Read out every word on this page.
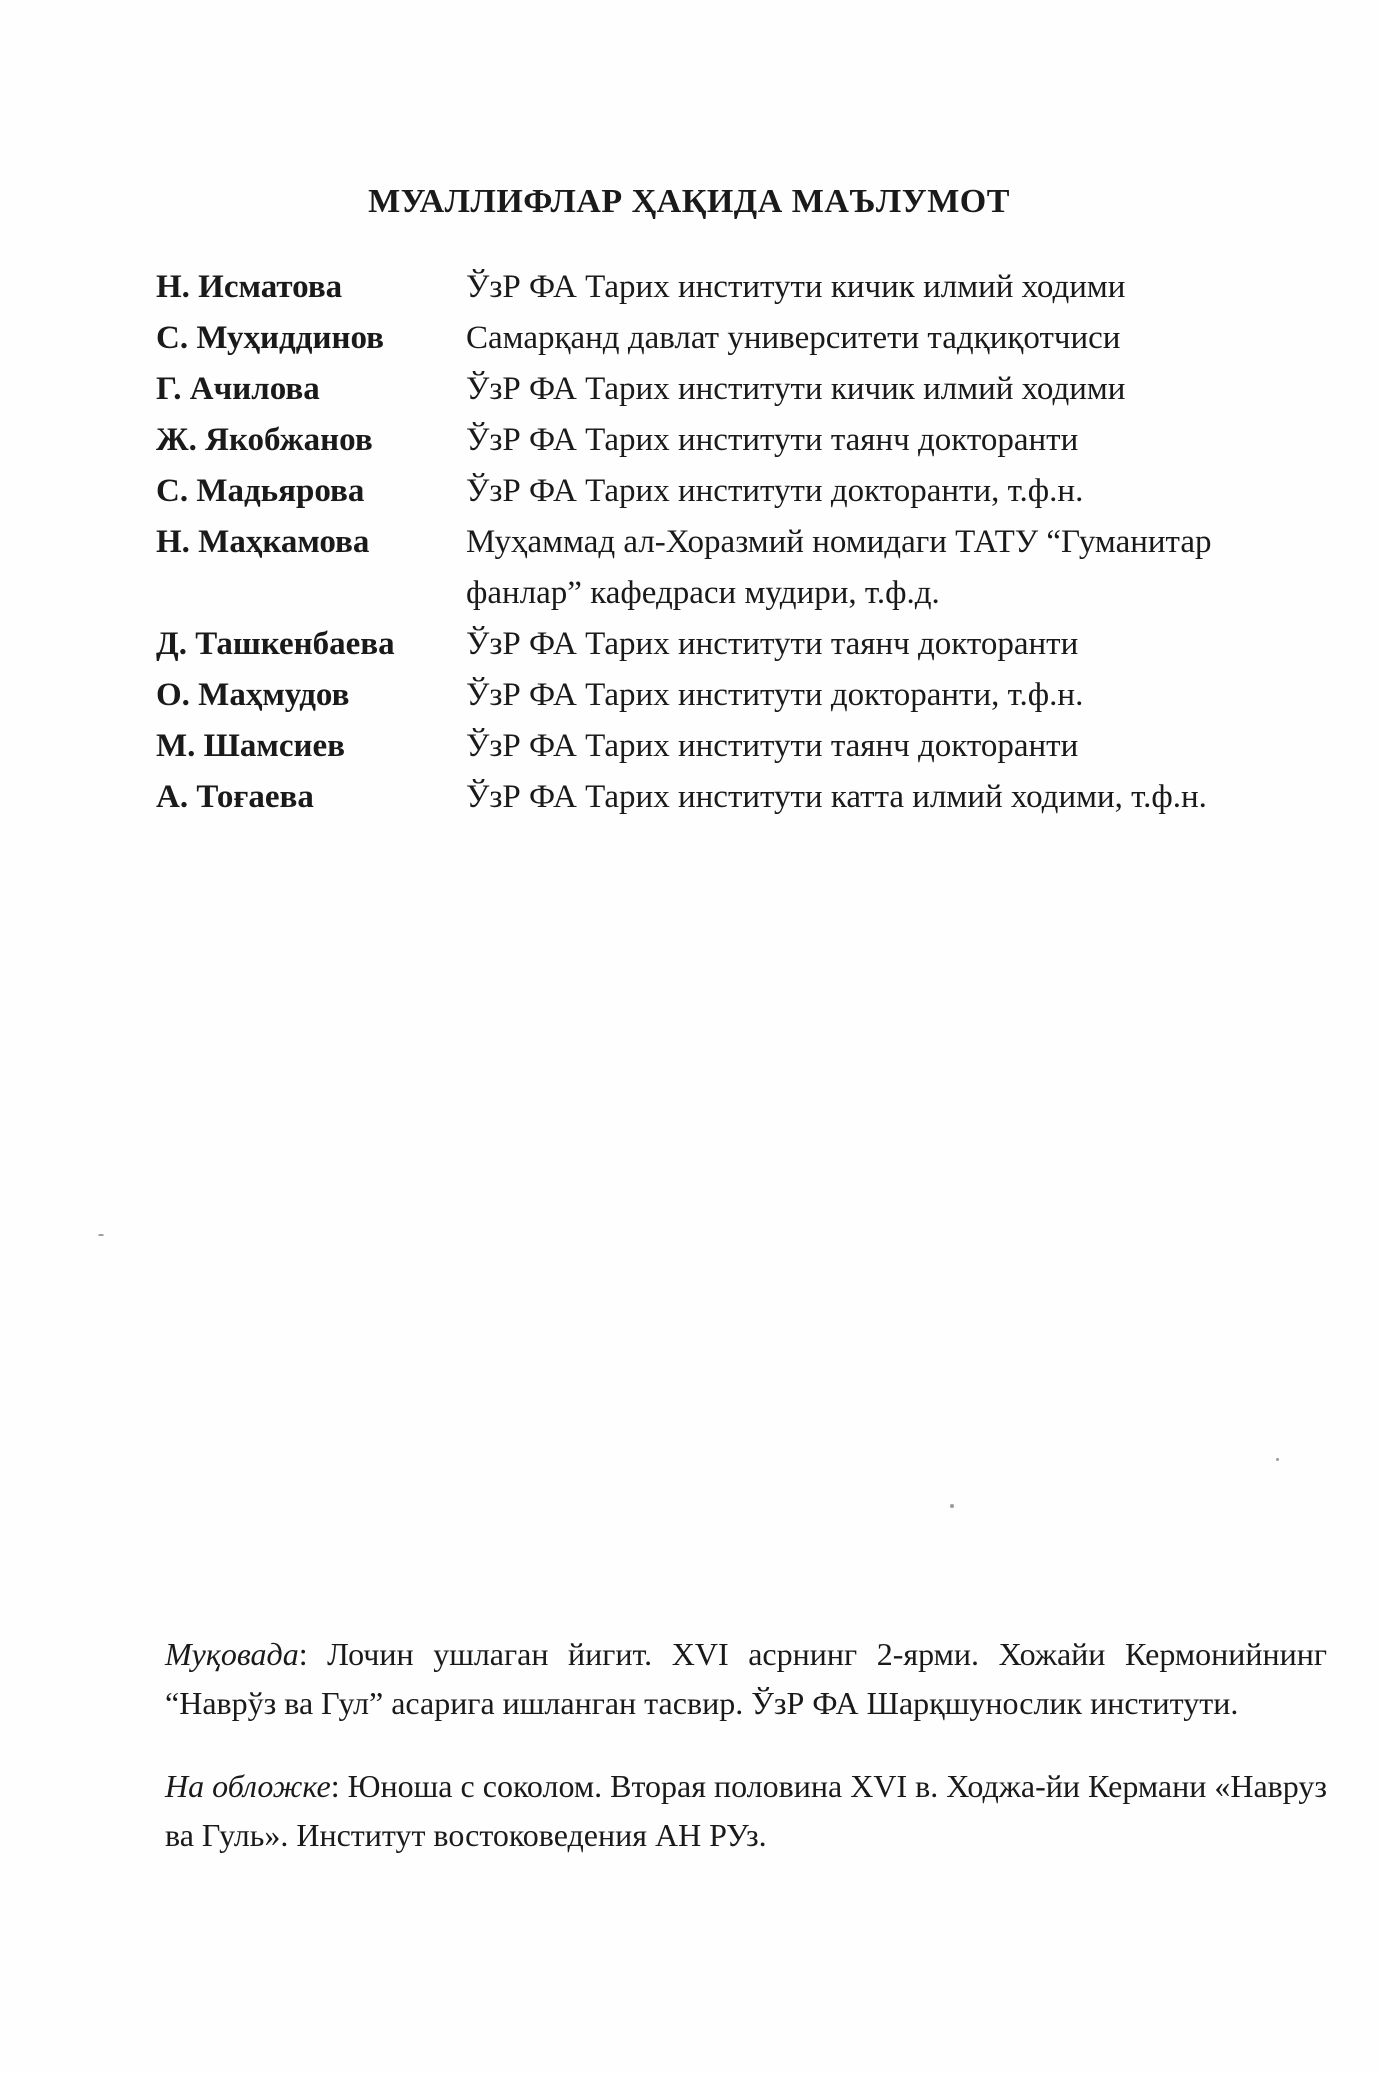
МУАЛЛИФЛАР ҲАҚИДА МАЪЛУМОТ
Н. Исматова	ЎзР ФА Тарих институти кичик илмий ходими
С. Муҳиддинов	Самарқанд давлат университети тадқиқотчиси
Г. Ачилова	ЎзР ФА Тарих институти кичик илмий ходими
Ж. Якобжанов	ЎзР ФА Тарих институти таянч докторанти
С. Мадьярова	ЎзР ФА Тарих институти докторанти, т.ф.н.
Н. Маҳкамова	Муҳаммад ал-Хоразмий номидаги ТАТУ “Гуманитар
фанлар” кафедраси мудири, т.ф.д.
Д. Ташкенбаева	ЎзР ФА Тарих институти таянч докторанти
О. Маҳмудов	ЎзР ФА Тарих институти докторанти, т.ф.н.
М. Шамсиев	ЎзР ФА Тарих институти таянч докторанти
А. Тоғаева	ЎзР ФА Тарих институти катта илмий ходими, т.ф.н.

Муқовада: Лочин ушлаган йигит. XVI асрнинг 2-ярми. Хожайи Кермонийнинг “Наврўз ва Гул” асарига ишланган тасвир. ЎзР ФА Шарқшунослик институти.

На обложке: Юноша с соколом. Вторая половина XVI в. Ходжа-йи Кермани «Навруз ва Гуль». Институт востоковедения АН РУз.
